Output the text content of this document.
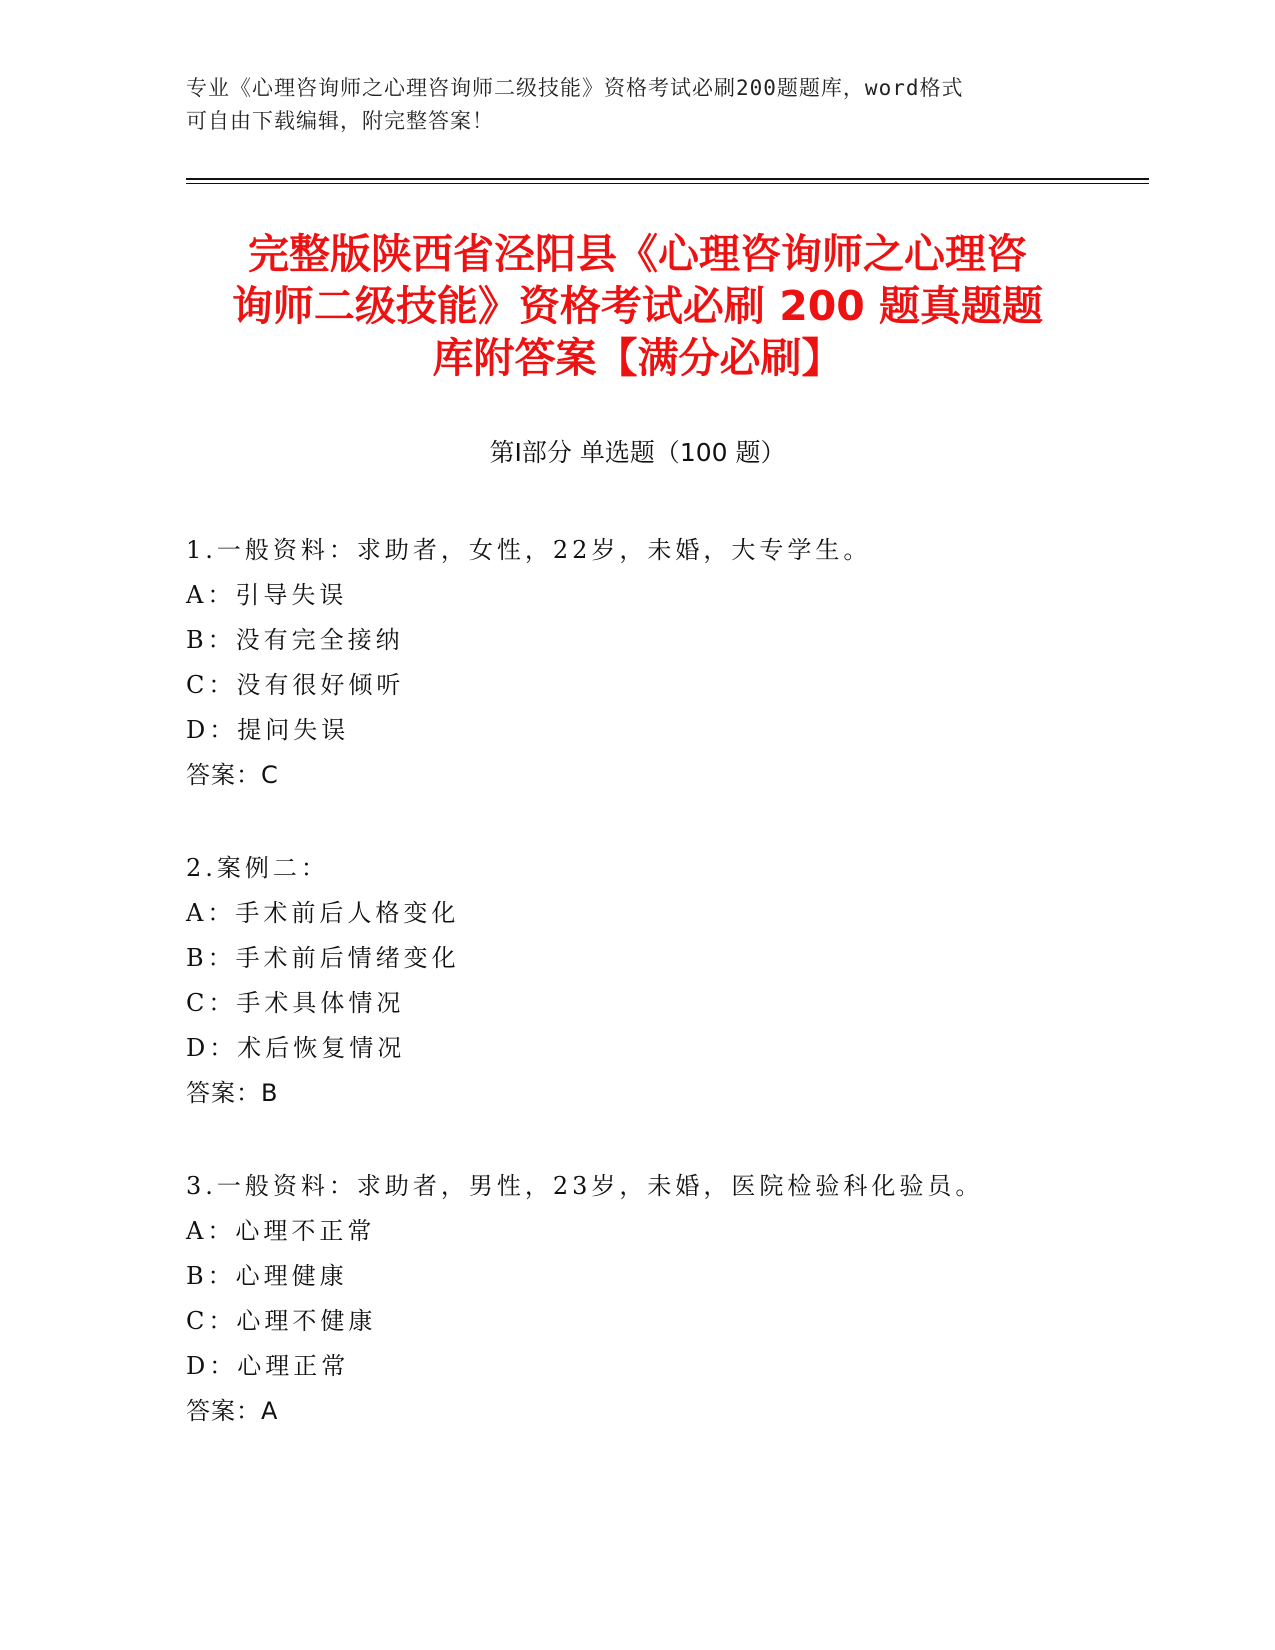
专业《心理咨询师之心理咨询师二级技能》资格考试必刷200题题库，word格式
可自由下载编辑，附完整答案！
完整版陕西省泾阳县《心理咨询师之心理咨
询师二级技能》资格考试必刷 200 题真题题
库附答案【满分必刷】
第Ⅰ部分 单选题（100 题）
1.一般资料：求助者，女性，22岁，未婚，大专学生。
A：引导失误
B：没有完全接纳
C：没有很好倾听
D：提问失误
答案：C
2.案例二：
A：手术前后人格变化
B：手术前后情绪变化
C：手术具体情况
D：术后恢复情况
答案：B
3.一般资料：求助者，男性，23岁，未婚，医院检验科化验员。
A：心理不正常
B：心理健康
C：心理不健康
D：心理正常
答案：A
